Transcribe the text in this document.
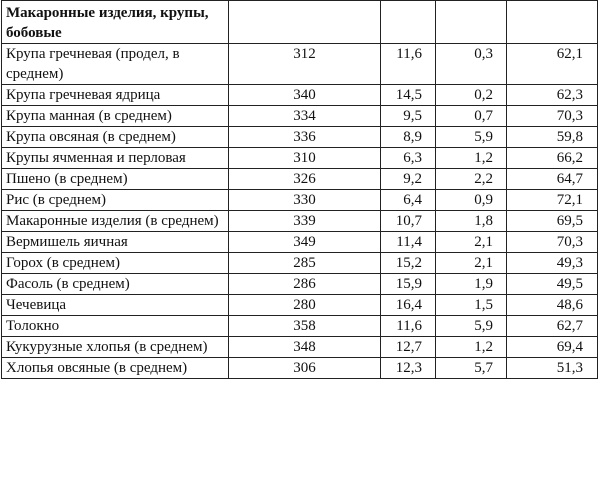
Макаронные изделия, крупы, бобовые				
Крупа гречневая (продел, в среднем)	312	11,6	0,3	62,1
Крупа гречневая ядрица	340	14,5	0,2	62,3
Крупа манная (в среднем)	334	9,5	0,7	70,3
Крупа овсяная (в среднем)	336	8,9	5,9	59,8
Крупы ячменная и перловая	310	6,3	1,2	66,2
Пшено (в среднем)	326	9,2	2,2	64,7
Рис (в среднем)	330	6,4	0,9	72,1
Макаронные изделия (в среднем)	339	10,7	1,8	69,5
Вермишель яичная	349	11,4	2,1	70,3
Горох (в среднем)	285	15,2	2,1	49,3
Фасоль (в среднем)	286	15,9	1,9	49,5
Чечевица	280	16,4	1,5	48,6
Толокно	358	11,6	5,9	62,7
Кукурузные хлопья (в среднем)	348	12,7	1,2	69,4
Хлопья овсяные (в среднем)	306	12,3	5,7	51,3
